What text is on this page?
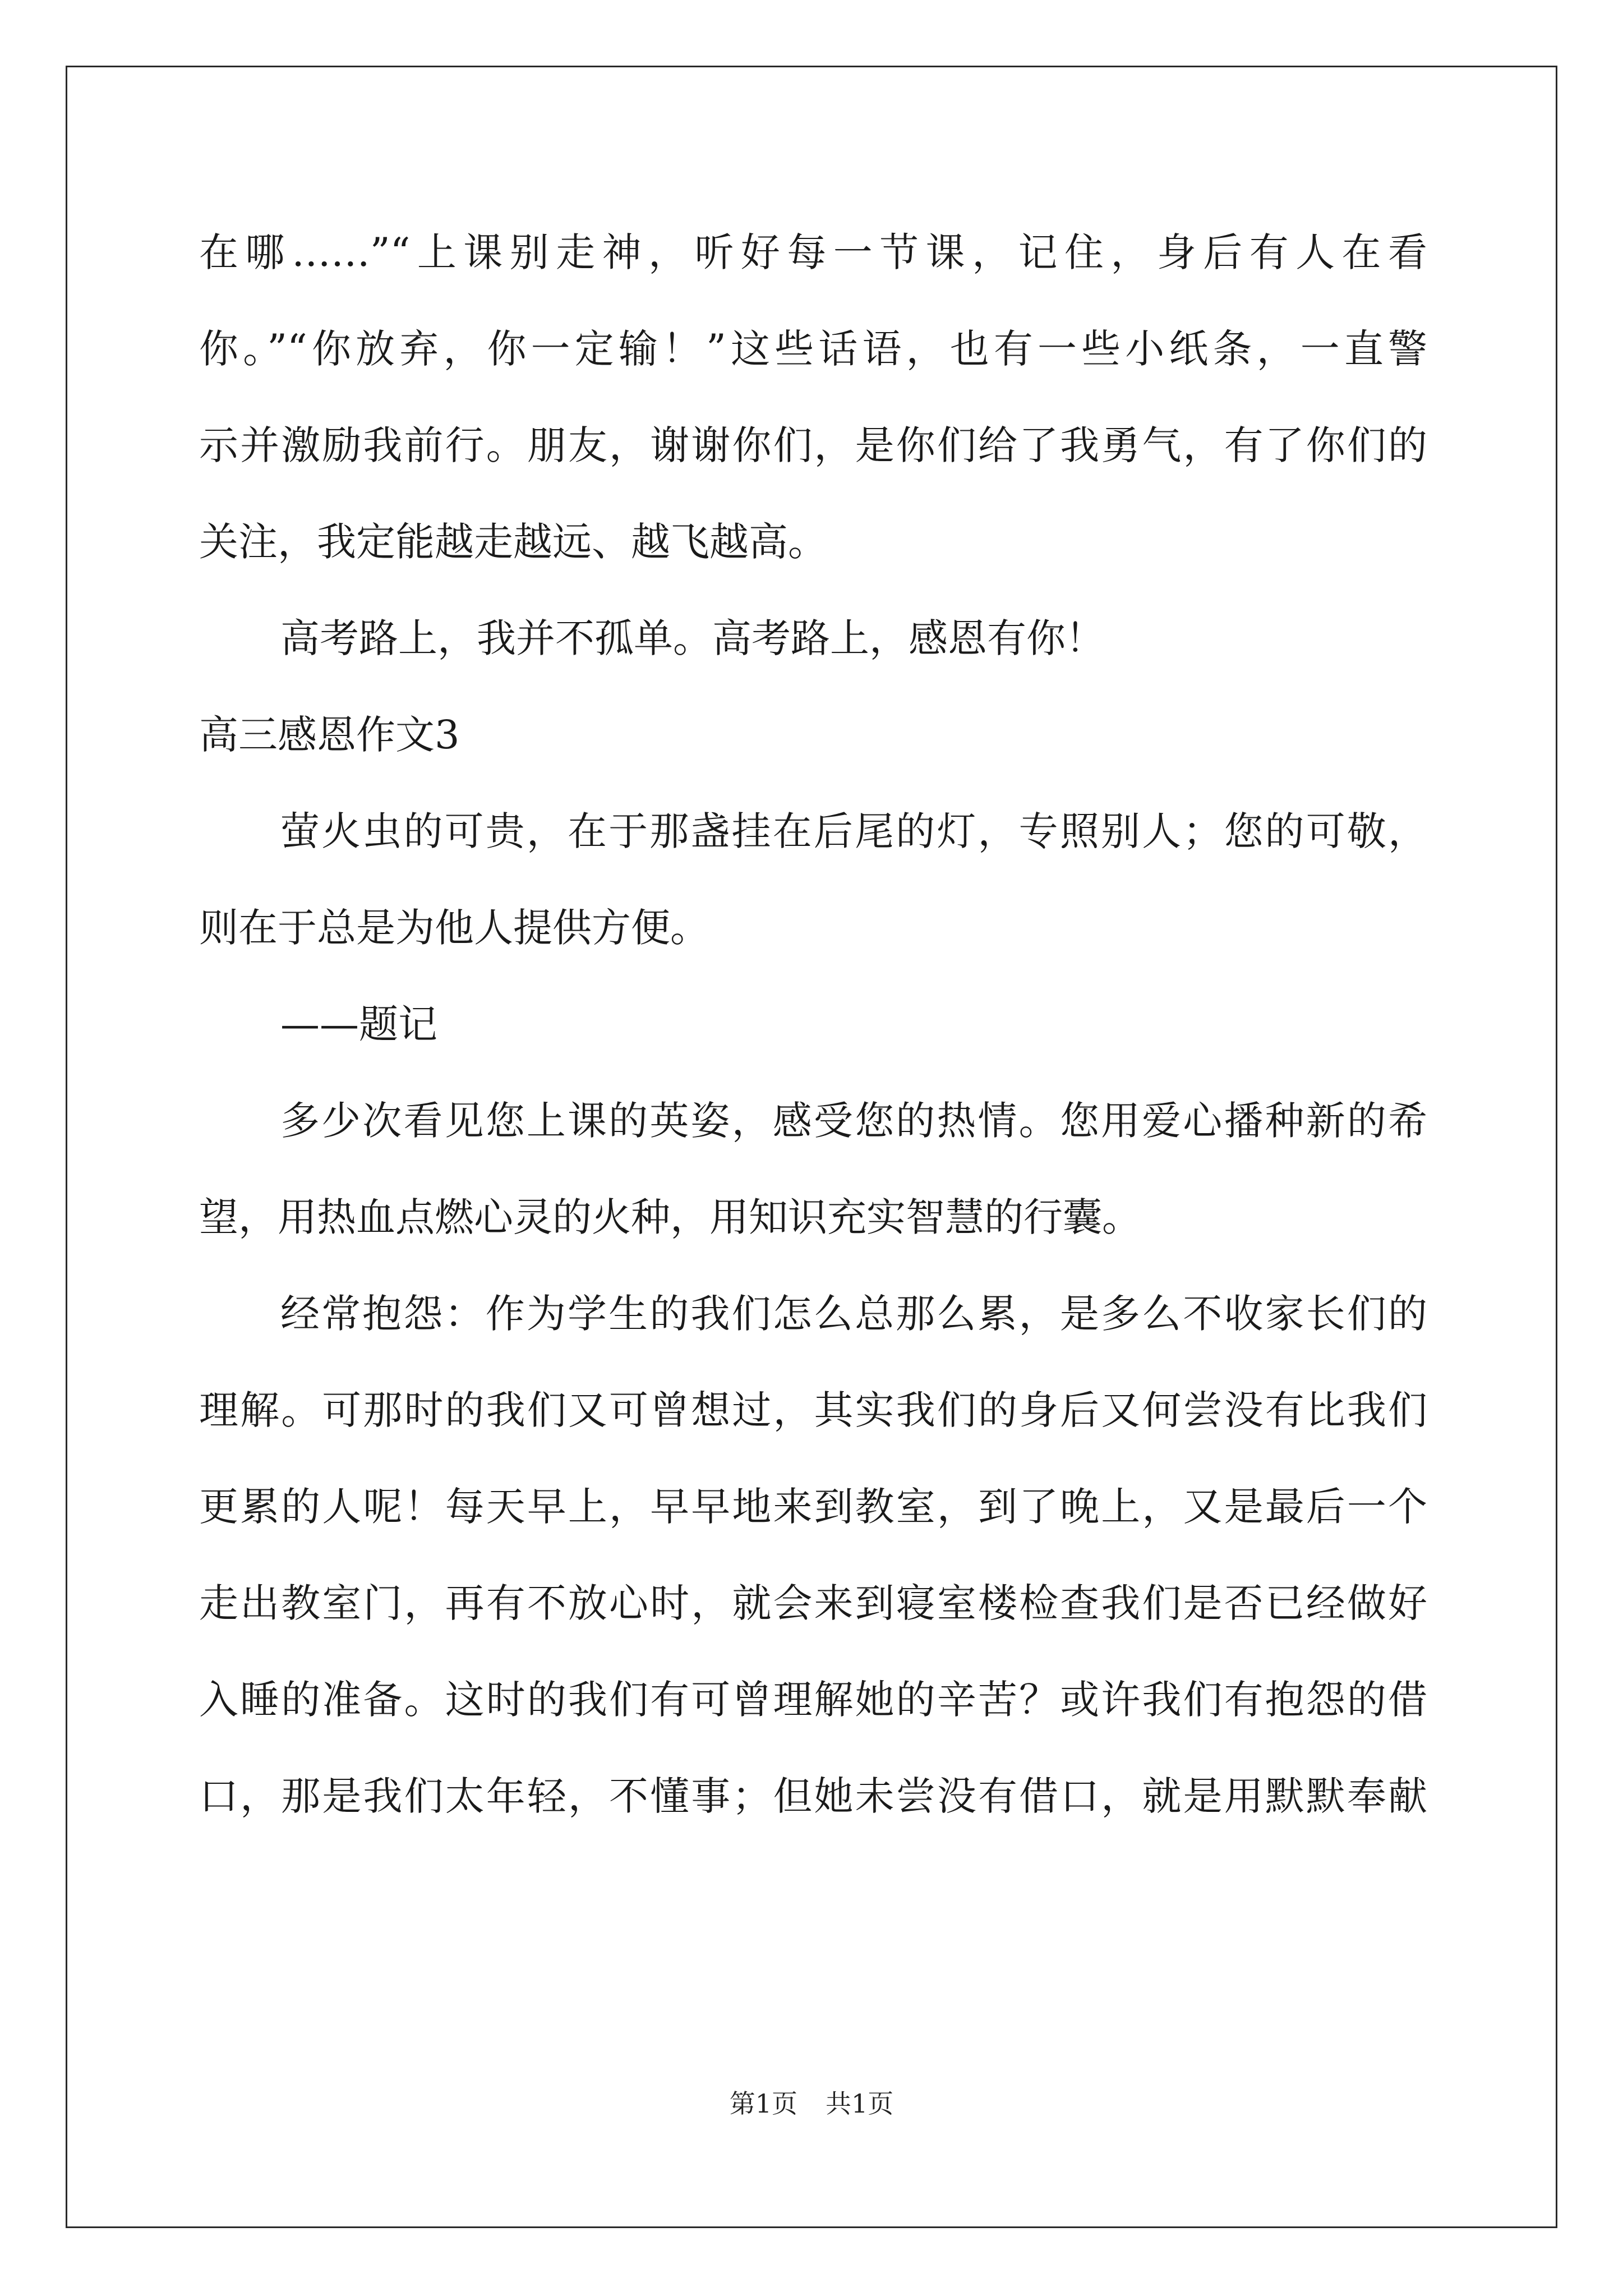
在哪……”“上课别走神，听好每一节课，记住，身后有人在看
你。”“你放弃，你一定输！”这些话语，也有一些小纸条，一直警
示并激励我前行。朋友，谢谢你们，是你们给了我勇气，有了你们的
关注，我定能越走越远、越飞越高。
高考路上，我并不孤单。高考路上，感恩有你！
高三感恩作文3
萤火虫的可贵，在于那盏挂在后尾的灯，专照别人；您的可敬，
则在于总是为他人提供方便。
——题记
多少次看见您上课的英姿，感受您的热情。您用爱心播种新的希
望，用热血点燃心灵的火种，用知识充实智慧的行囊。
经常抱怨：作为学生的我们怎么总那么累，是多么不收家长们的
理解。可那时的我们又可曾想过，其实我们的身后又何尝没有比我们
更累的人呢！每天早上，早早地来到教室，到了晚上，又是最后一个
走出教室门，再有不放心时，就会来到寝室楼检查我们是否已经做好
入睡的准备。这时的我们有可曾理解她的辛苦？或许我们有抱怨的借
口，那是我们太年轻，不懂事；但她未尝没有借口，就是用默默奉献
第1页 共1页
